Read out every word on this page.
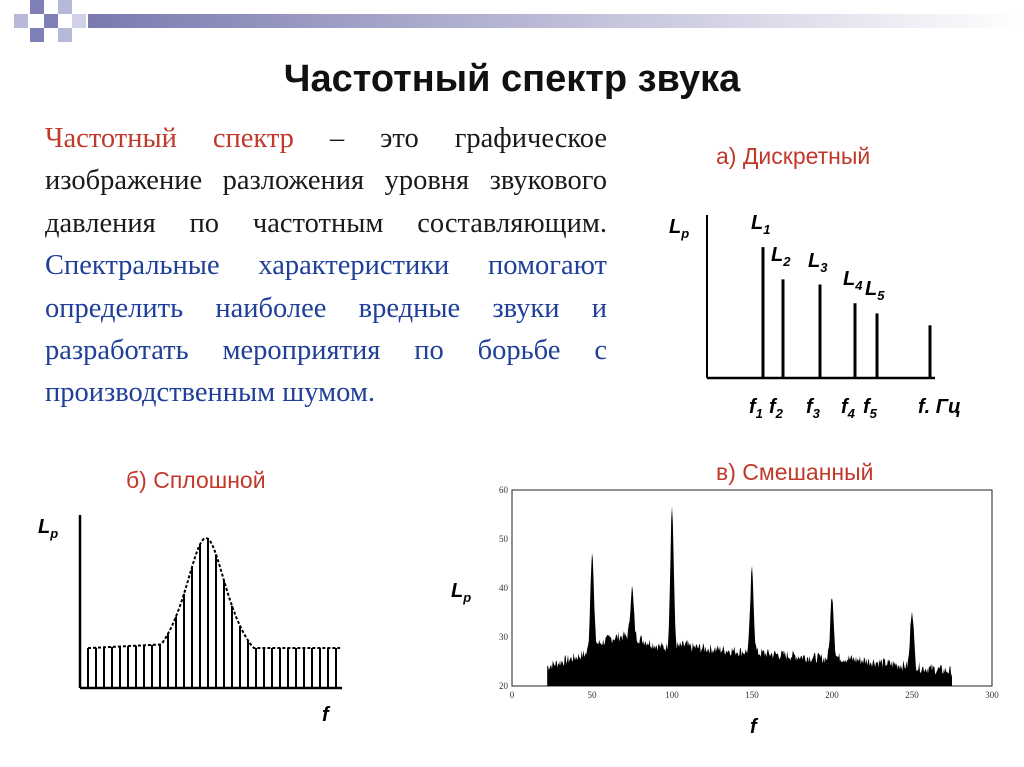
Частотный спектр звука
Частотный спектр – это графическое изображение разложения уровня звукового давления по частотным составляющим. Спектральные характеристики помогают определить наиболее вредные звуки и разработать мероприятия по борьбе с производственным шумом.
а) Дискретный
$L_p$	$L_1$
$f_1$
$L_2$
$f_2$
$L_3$
$f_3$
$L_4$
$f_4$
$L_5$
$f_5$ f. Гц
б) Сплошной
$L_p$
f
в) Смешанный
$L_p$
0	50	100	150	200	250	300
20
30
40
50
60
f
